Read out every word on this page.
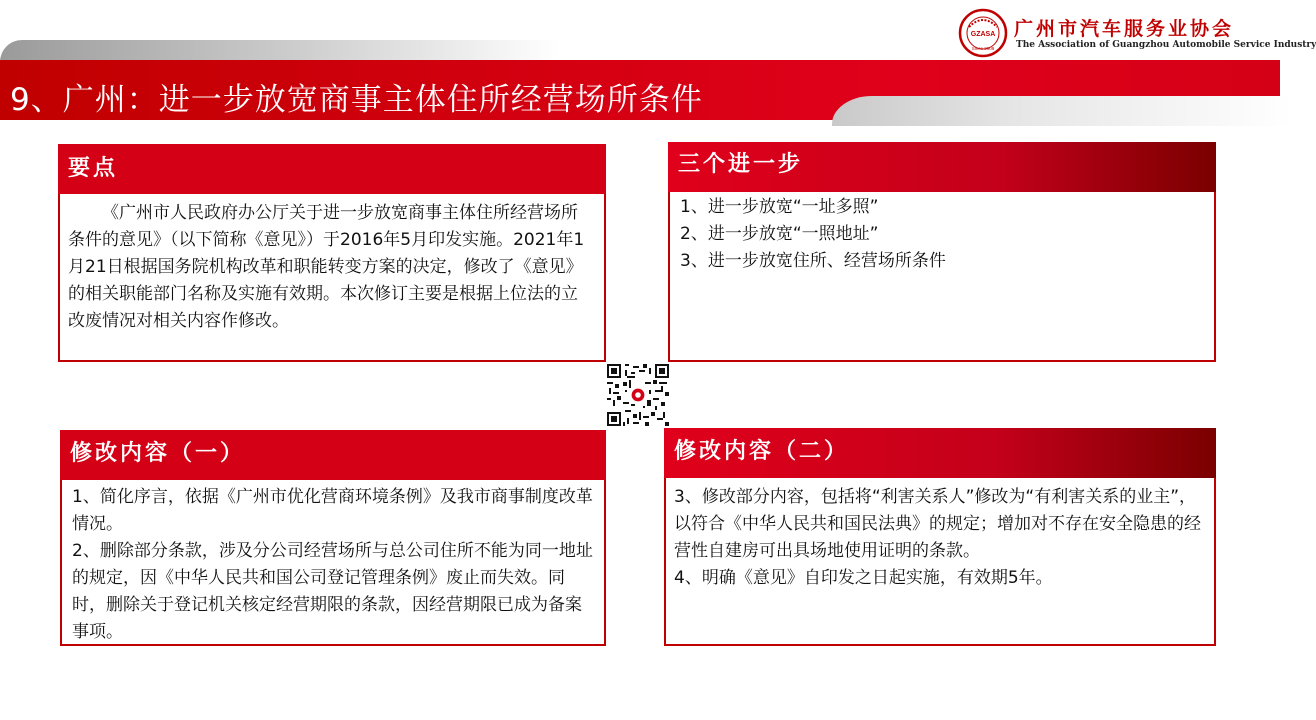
9、广州：进一步放宽商事主体住所经营场所条件
GZASA
Since 2009
广州市汽车服务业协会
The Association of Guangzhou Automobile Service Industry
要点

《广州市人民政府办公厅关于进一步放宽商事主体住所经营场所条件的意见》（以下简称《意见》）于2016年5月印发实施。2021年1月21日根据国务院机构改革和职能转变方案的决定，修改了《意见》的相关职能部门名称及实施有效期。本次修订主要是根据上位法的立改废情况对相关内容作修改。

三个进一步

1、进一步放宽“一址多照”

2、进一步放宽“一照地址”

3、进一步放宽住所、经营场所条件

修改内容（一）

1、简化序言，依据《广州市优化营商环境条例》及我市商事制度改革情况。

2、删除部分条款，涉及分公司经营场所与总公司住所不能为同一地址的规定，因《中华人民共和国公司登记管理条例》废止而失效。同时，删除关于登记机关核定经营期限的条款，因经营期限已成为备案事项。

修改内容（二）

3、修改部分内容，包括将“利害关系人”修改为“有利害关系的业主”，以符合《中华人民共和国民法典》的规定；增加对不存在安全隐患的经营性自建房可出具场地使用证明的条款。

4、明确《意见》自印发之日起实施，有效期5年。
